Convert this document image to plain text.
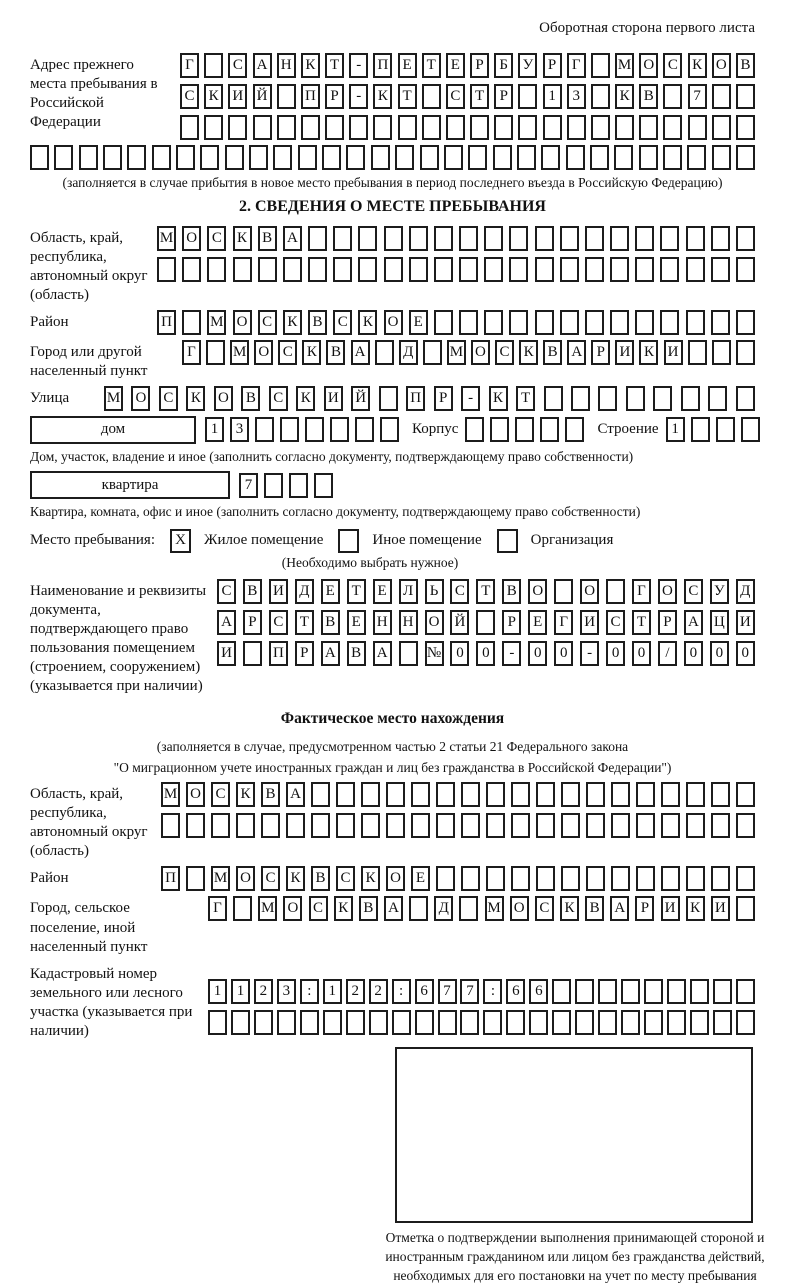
Оборотная сторона первого листа
Адрес прежнего места пребывания в Российской Федерации
Г	С А Н К Т	-	П Е	Т	Е	Р	Б У Р	Г	М О С К О В
С К И Й	П Р	-	К Т	С Т	Р	1	3	К В	7
(заполняется в случае прибытия в новое место пребывания в период последнего въезда в Российскую Федерацию)
2. СВЕДЕНИЯ О МЕСТЕ ПРЕБЫВАНИЯ
Область, край, республика, автономный округ (область)
М О С	К	В А
Район	П	М О С	К	В	С	К О	Е
Город или другой населенный пункт
Г	М О С К В А	Д М О С К В А Р И К И
Улица	М О С	К	О В	С	К	И Й	П	Р	-	К	Т
дом	1	3	Корпус	Строение 1
Дом, участок, владение и иное (заполнить согласно документу, подтверждающему право собственности)
квартира	7
Квартира, комната, офис и иное (заполнить согласно документу, подтверждающему право собственности)
Место пребывания:	X	Жилое помещение	Иное помещение	Организация
(Необходимо выбрать нужное)
Наименование и реквизиты документа, подтверждающего право пользования помещением (строением, сооружением) (указывается при наличии)
С	В	И Д	Е	Т	Е	Л	Ь	С	Т	В	О	О	Г	О С	У Д
А	Р	С	Т	В	Е	Н Н О Й	Р	Е	Г	И С	Т	Р	А Ц И
И	П	Р	А В	А	№	0	0	-	0	0	-	0	0	/	0	0	0
Фактическое место нахождения
(заполняется в случае, предусмотренном частью 2 статьи 21 Федерального закона
"О миграционном учете иностранных граждан и лиц без гражданства в Российской Федерации")
Область, край, республика, автономный округ (область)
М О С К В А
Район	П	М О С К В С К О Е
Город, сельское поселение, иной населенный пункт
Г	М О С	К	В А	Д	М О С	К	В А	Р	И К И
Кадастровый номер земельного или лесного участка (указывается при наличии)
1	1	2	3	:	1	2	2	:	6	7	7	:	6	6
Отметка о подтверждении выполнения принимающей стороной и иностранным гражданином или лицом без гражданства действий, необходимых для его постановки на учет по месту пребывания
